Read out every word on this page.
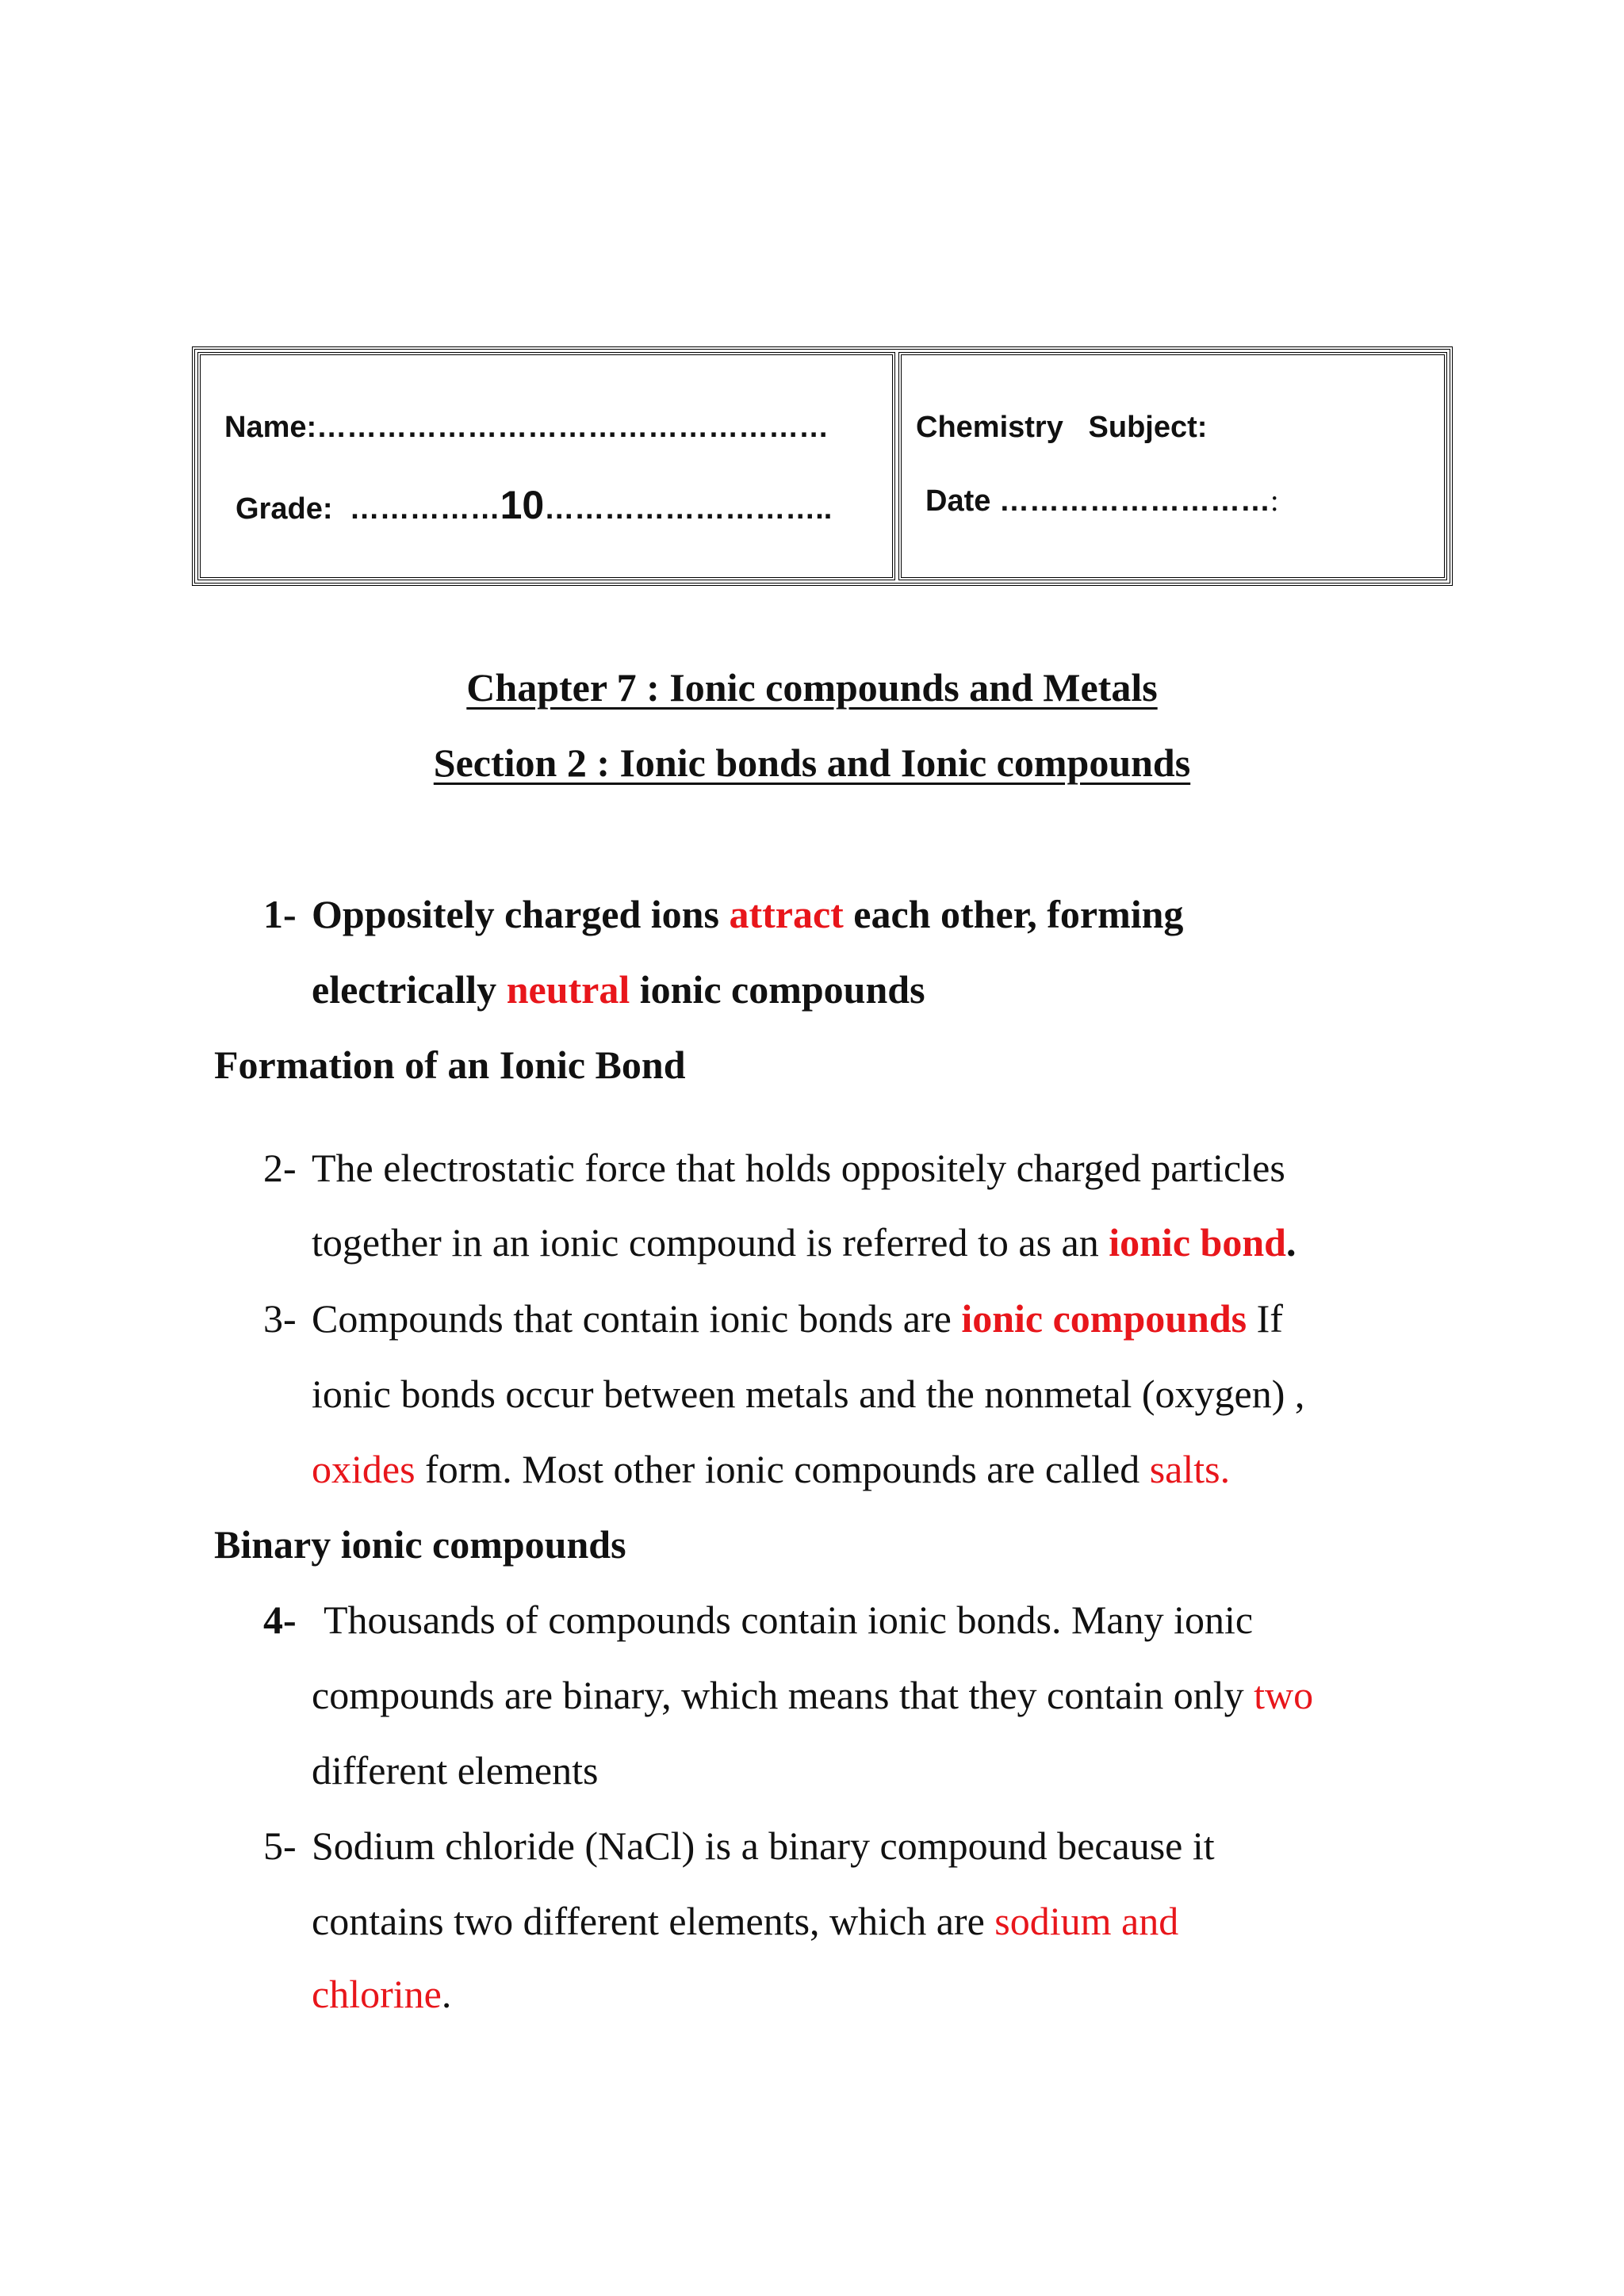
Name:……………………………………………
Grade: ……………10………………………..
Chemistry Subject:
Date ………………………:
Chapter 7 : Ionic compounds and Metals
Section 2 : Ionic bonds and Ionic compounds
1- Oppositely charged ions attract each other, forming
electrically neutral ionic compounds
Formation of an Ionic Bond
2- The electrostatic force that holds oppositely charged particles
together in an ionic compound is referred to as an ionic bond.
3- Compounds that contain ionic bonds are ionic compounds If
ionic bonds occur between metals and the nonmetal (oxygen) ,
oxides form. Most other ionic compounds are called salts.
Binary ionic compounds
4- Thousands of compounds contain ionic bonds. Many ionic
compounds are binary, which means that they contain only two
different elements
5- Sodium chloride (NaCl) is a binary compound because it
contains two different elements, which are sodium and
chlorine.
